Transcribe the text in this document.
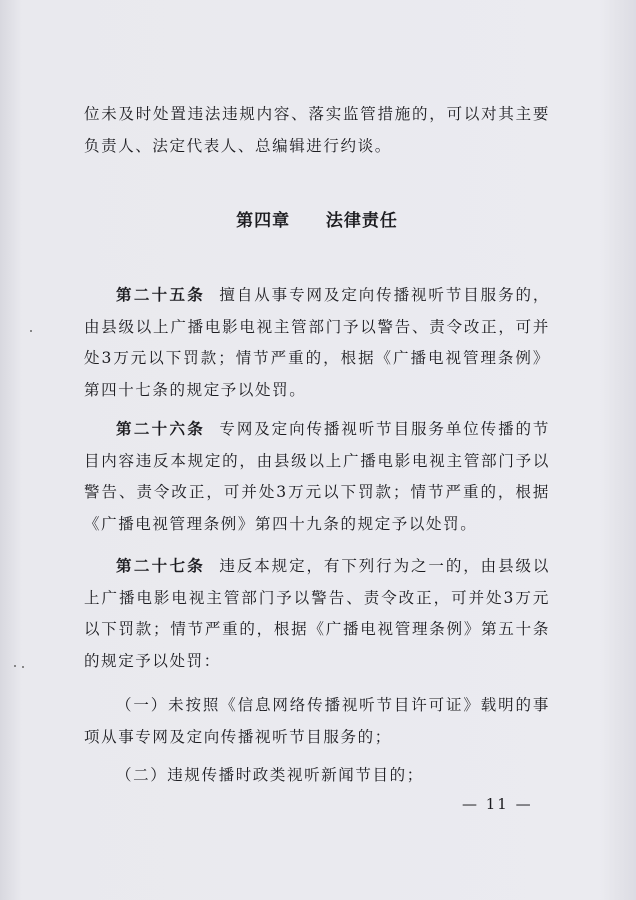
位未及时处置违法违规内容、落实监管措施的，可以对其主要负责人、法定代表人、总编辑进行约谈。

第四章 法律责任

第二十五条 擅自从事专网及定向传播视听节目服务的，由县级以上广播电影电视主管部门予以警告、责令改正，可并处3万元以下罚款；情节严重的，根据《广播电视管理条例》第四十七条的规定予以处罚。

第二十六条 专网及定向传播视听节目服务单位传播的节目内容违反本规定的，由县级以上广播电影电视主管部门予以警告、责令改正，可并处3万元以下罚款；情节严重的，根据《广播电视管理条例》第四十九条的规定予以处罚。

第二十七条 违反本规定，有下列行为之一的，由县级以上广播电影电视主管部门予以警告、责令改正，可并处3万元以下罚款；情节严重的，根据《广播电视管理条例》第五十条的规定予以处罚：

（一）未按照《信息网络传播视听节目许可证》载明的事项从事专网及定向传播视听节目服务的；

（二）违规传播时政类视听新闻节目的；

— 11 —
